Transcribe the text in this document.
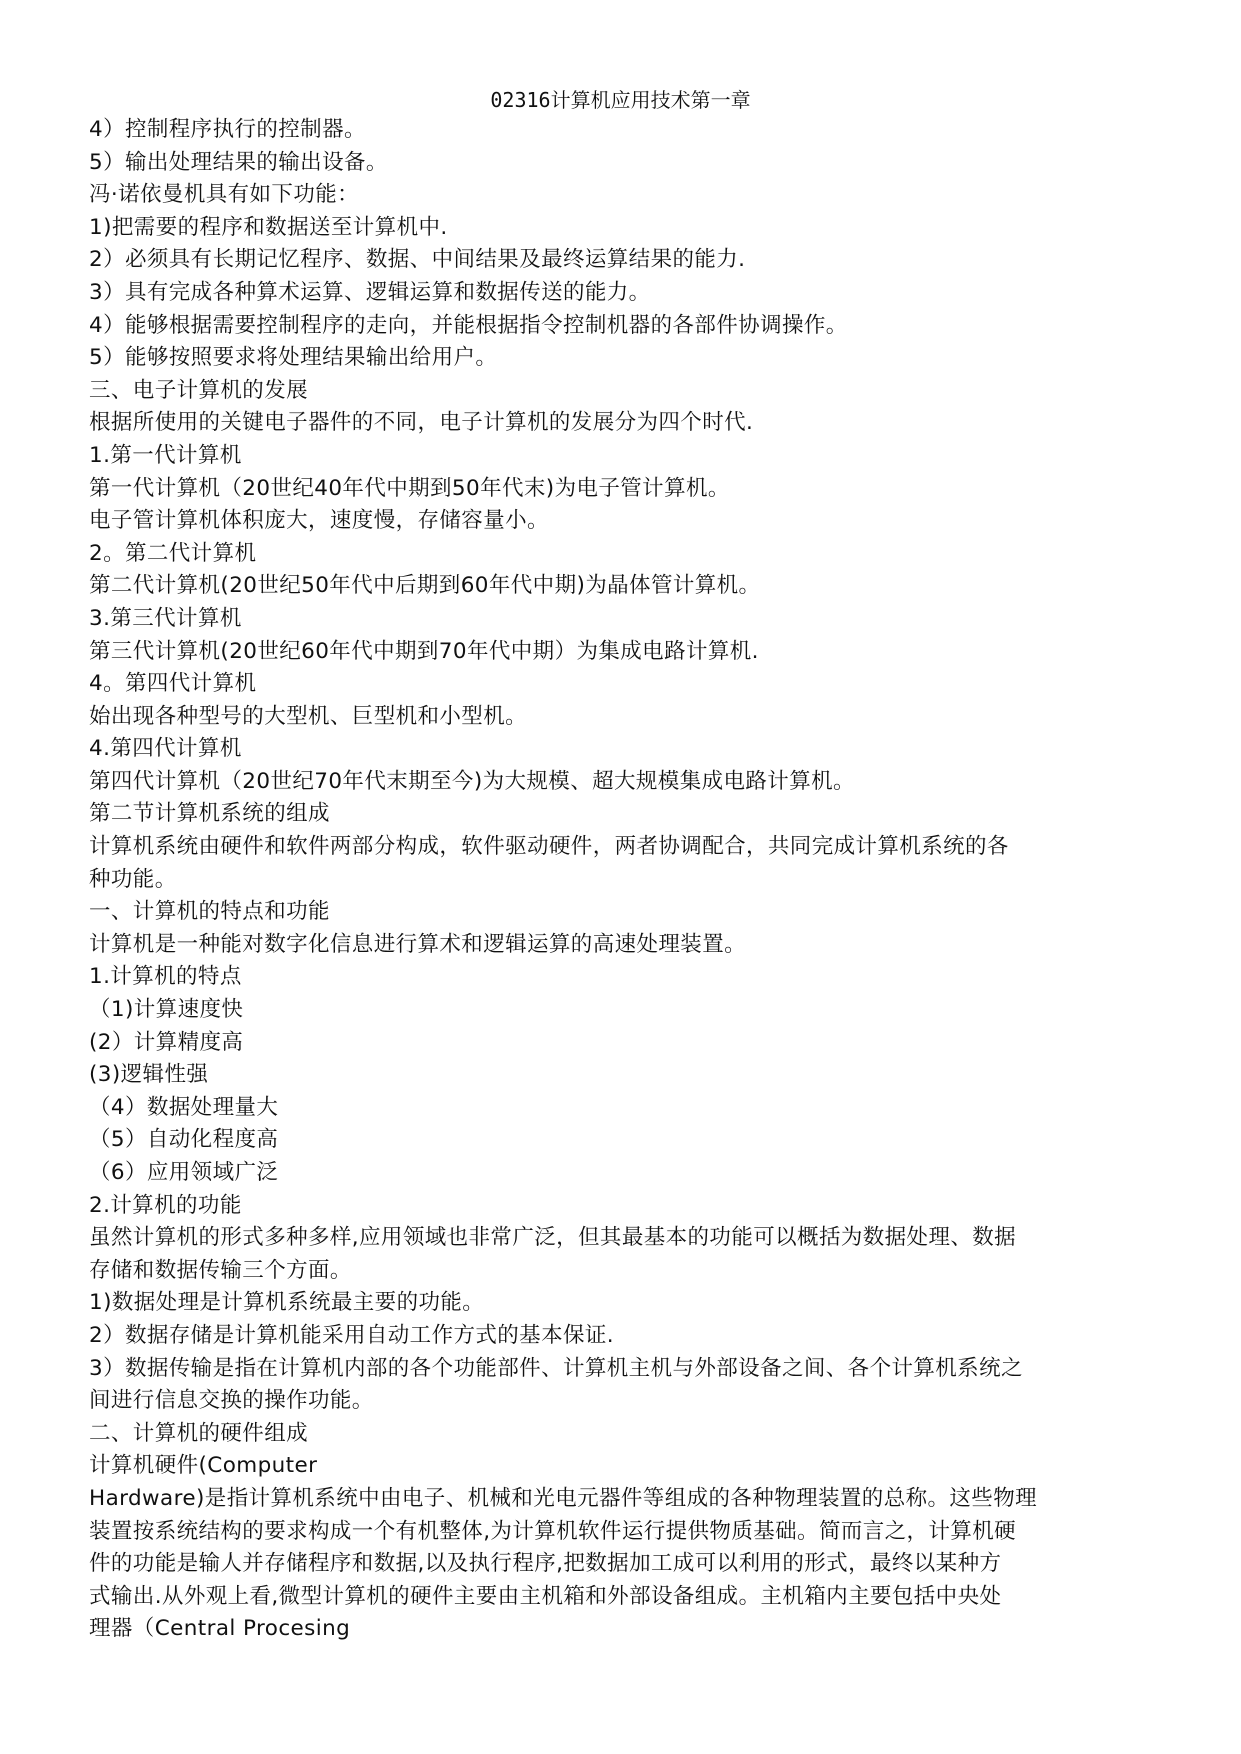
02316计算机应用技术第一章
4）控制程序执行的控制器。
5）输出处理结果的输出设备。
冯·诺依曼机具有如下功能：
1)把需要的程序和数据送至计算机中.
2）必须具有长期记忆程序、数据、中间结果及最终运算结果的能力.
3）具有完成各种算术运算、逻辑运算和数据传送的能力。
4）能够根据需要控制程序的走向，并能根据指令控制机器的各部件协调操作。
5）能够按照要求将处理结果输出给用户。
三、电子计算机的发展
根据所使用的关键电子器件的不同，电子计算机的发展分为四个时代.
1.第一代计算机
第一代计算机（20世纪40年代中期到50年代末)为电子管计算机。
电子管计算机体积庞大，速度慢，存储容量小。
2。第二代计算机
第二代计算机(20世纪50年代中后期到60年代中期)为晶体管计算机。
3.第三代计算机
第三代计算机(20世纪60年代中期到70年代中期）为集成电路计算机.
4。第四代计算机
始出现各种型号的大型机、巨型机和小型机。
4.第四代计算机
第四代计算机（20世纪70年代末期至今)为大规模、超大规模集成电路计算机。
第二节计算机系统的组成
计算机系统由硬件和软件两部分构成，软件驱动硬件，两者协调配合，共同完成计算机系统的各
种功能。
一、计算机的特点和功能
计算机是一种能对数字化信息进行算术和逻辑运算的高速处理装置。
1.计算机的特点
（1)计算速度快
(2）计算精度高
(3)逻辑性强
（4）数据处理量大
（5）自动化程度高
（6）应用领域广泛
2.计算机的功能
虽然计算机的形式多种多样,应用领域也非常广泛，但其最基本的功能可以概括为数据处理、数据
存储和数据传输三个方面。
1)数据处理是计算机系统最主要的功能。
2）数据存储是计算机能采用自动工作方式的基本保证.
3）数据传输是指在计算机内部的各个功能部件、计算机主机与外部设备之间、各个计算机系统之
间进行信息交换的操作功能。
二、计算机的硬件组成
计算机硬件(Computer
Hardware)是指计算机系统中由电子、机械和光电元器件等组成的各种物理装置的总称。这些物理
装置按系统结构的要求构成一个有机整体,为计算机软件运行提供物质基础。简而言之，计算机硬
件的功能是输人并存储程序和数据,以及执行程序,把数据加工成可以利用的形式，最终以某种方
式输出.从外观上看,微型计算机的硬件主要由主机箱和外部设备组成。主机箱内主要包括中央处
理器（Central Procesing
